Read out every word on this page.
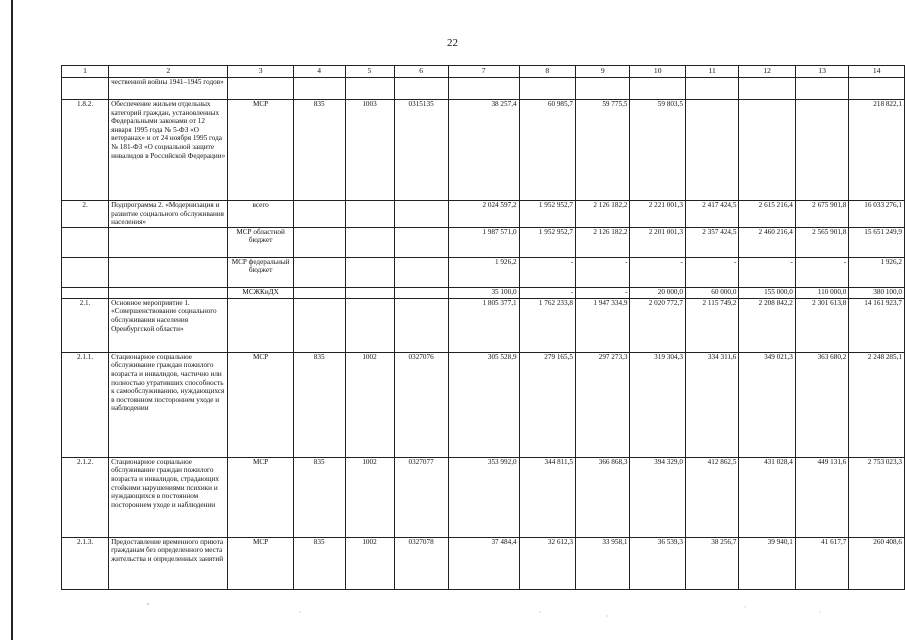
22
1	2	3	4	5	6	7	8	9	10	11	12	13	14
	чественной войны 1941–1945 годов»												
1.8.2.	Обеспечение жильем отдельных категорий граждан, установленных Федеральными законами от 12 января 1995 года № 5-ФЗ «О ветеранах» и от 24 ноября 1995 года № 181-ФЗ «О социальной защите инвалидов в Российской Федерации»	МСР	835	1003	0315135	38 257,4	60 985,7	59 775,5	59 803,5				218 822,1
2.	Подпрограмма 2. «Модернизация и развитие социального обслуживания населения»	всего				2 024 597,2	1 952 952,7	2 126 182,2	2 221 001,3	2 417 424,5	2 615 216,4	2 675 901,8	16 033 276,1
		МСР областной бюджет				1 987 571,0	1 952 952,7	2 126 182,2	2 201 001,3	2 357 424,5	2 460 216,4	2 565 901,8	15 651 249,9
		МСР федеральный бюджет				1 926,2	-	-	-	-	-	-	1 926,2
		МСЖКиДХ				35 100,0	-	-	20 000,0	60 000,0	155 000,0	110 000,0	380 100,0
2.1.	Основное мероприятие 1. «Совершенствование социального обслуживания населения Оренбургской области»					1 805 377,1	1 762 233,8	1 947 334,9	2 020 772,7	2 115 749,2	2 208 842,2	2 301 613,8	14 161 923,7
2.1.1.	Стационарное социальное обслуживание граждан пожилого возраста и инвалидов, частично или полностью утративших способность к самообслуживанию, нуждающихся в постоянном постороннем уходе и наблюдении	МСР	835	1002	0327076	305 528,9	279 165,5	297 273,3	319 304,3	334 311,6	349 021,3	363 680,2	2 248 285,1
2.1.2.	Стационарное социальное обслуживание граждан пожилого возраста и инвалидов, страдающих стойкими нарушениями психики и нуждающихся в постоянном постороннем уходе и наблюдении	МСР	835	1002	0327077	353 992,0	344 811,5	366 868,3	394 329,0	412 862,5	431 028,4	449 131,6	2 753 023,3
2.1.3.	Предоставление временного приюта гражданам без определенного места жительства и определенных занятий	МСР	835	1002	0327078	37 484,4	32 612,3	33 958,1	36 539,3	38 256,7	39 940,1	41 617,7	260 408,6
